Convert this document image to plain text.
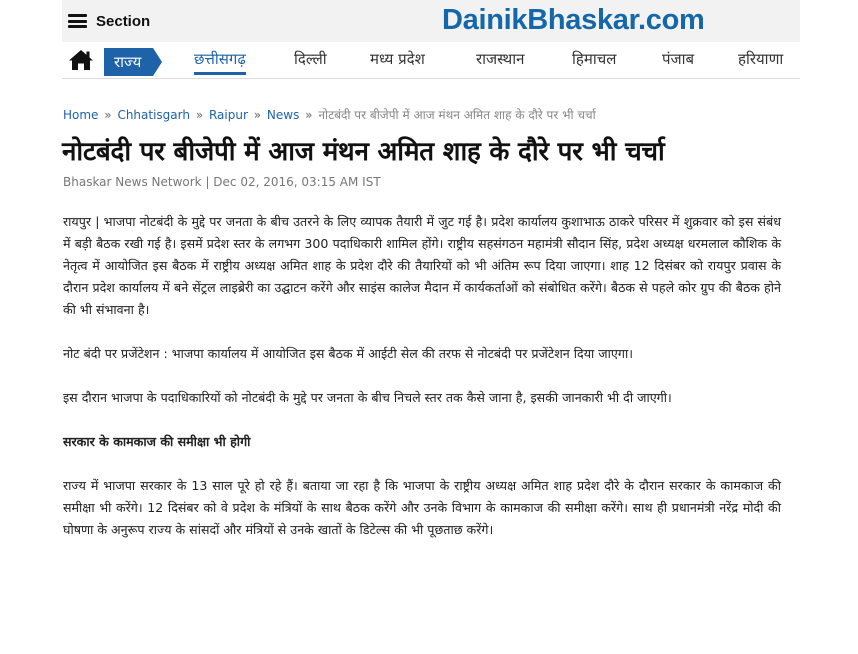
Section	DainikBhaskar.com
राज्य	छत्तीसगढ़	दिल्ली	मध्य प्रदेश	राजस्थान	हिमाचल	पंजाब	हरियाणा
Home » Chhatisgarh » Raipur » News » नोटबंदी पर बीजेपी में आज मंथन अमित शाह के दौरे पर भी चर्चा
नोटबंदी पर बीजेपी में आज मंथन अमित शाह के दौरे पर भी चर्चा
Bhaskar News Network | Dec 02, 2016, 03:15 AM IST

रायपुर | भाजपा नोटबंदी के मुद्दे पर जनता के बीच उतरने के लिए व्यापक तैयारी में जुट गई है। प्रदेश कार्यालय कुशाभाऊ ठाकरे परिसर में शुक्रवार को इस संबंध में बड़ी बैठक रखी गई है। इसमें प्रदेश स्तर के लगभग 300 पदाधिकारी शामिल होंगे। राष्ट्रीय सहसंगठन महामंत्री सौदान सिंह, प्रदेश अध्यक्ष धरमलाल कौशिक के नेतृत्व में आयोजित इस बैठक में राष्ट्रीय अध्यक्ष अमित शाह के प्रदेश दौरे की तैयारियों को भी अंतिम रूप दिया जाएगा। शाह 12 दिसंबर को रायपुर प्रवास के दौरान प्रदेश कार्यालय में बने सेंट्रल लाइब्रेरी का उद्घाटन करेंगे और साइंस कालेज मैदान में कार्यकर्ताओं को संबोधित करेंगे। बैठक से पहले कोर ग्रुप की बैठक होने की भी संभावना है।

नोट बंदी पर प्रजेंटेशन : भाजपा कार्यालय में आयोजित इस बैठक में आईटी सेल की तरफ से नोटबंदी पर प्रजेंटेशन दिया जाएगा।

इस दौरान भाजपा के पदाधिकारियों को नोटबंदी के मुद्दे पर जनता के बीच निचले स्तर तक कैसे जाना है, इसकी जानकारी भी दी जाएगी।

सरकार के कामकाज की समीक्षा भी होगी

राज्य में भाजपा सरकार के 13 साल पूरे हो रहे हैं। बताया जा रहा है कि भाजपा के राष्ट्रीय अध्यक्ष अमित शाह प्रदेश दौरे के दौरान सरकार के कामकाज की समीक्षा भी करेंगे। 12 दिसंबर को वे प्रदेश के मंत्रियों के साथ बैठक करेंगे और उनके विभाग के कामकाज की समीक्षा करेंगे। साथ ही प्रधानमंत्री नरेंद्र मोदी की घोषणा के अनुरूप राज्य के सांसदों और मंत्रियों से उनके खातों के डिटेल्स की भी पूछताछ करेंगे।
